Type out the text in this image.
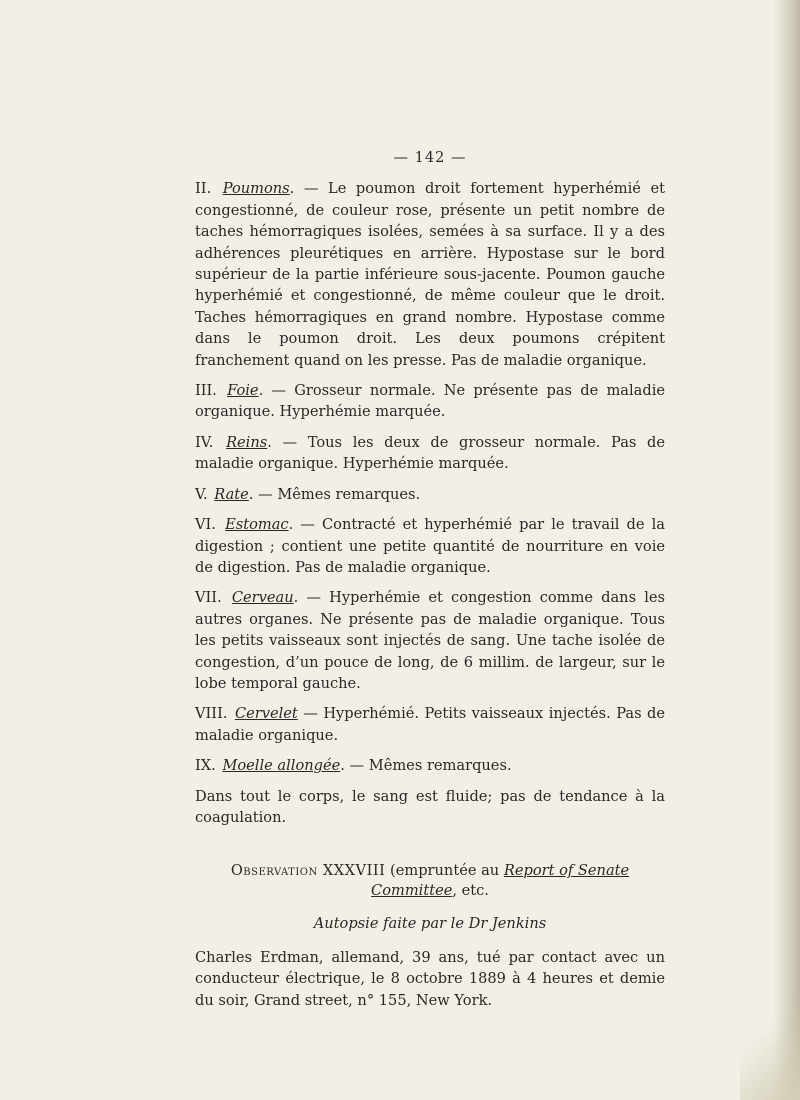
— 142 —

II. Poumons. — Le poumon droit fortement hyperhémié et congestionné, de couleur rose, présente un petit nombre de taches hémorragiques isolées, semées à sa surface. Il y a des adhérences pleurétiques en arrière. Hypostase sur le bord supérieur de la partie inférieure sous-jacente. Poumon gauche hyperhémié et congestionné, de même couleur que le droit. Taches hémorragiques en grand nombre. Hypostase comme dans le poumon droit. Les deux poumons crépitent franchement quand on les presse. Pas de maladie organique.

III. Foie. — Grosseur normale. Ne présente pas de maladie organique. Hyperhémie marquée.

IV. Reins. — Tous les deux de grosseur normale. Pas de maladie organique. Hyperhémie marquée.

V. Rate. — Mêmes remarques.

VI. Estomac. — Contracté et hyperhémié par le travail de la digestion ; contient une petite quantité de nourriture en voie de digestion. Pas de maladie organique.

VII. Cerveau. — Hyperhémie et congestion comme dans les autres organes. Ne présente pas de maladie organique. Tous les petits vaisseaux sont injectés de sang. Une tache isolée de congestion, d’un pouce de long, de 6 millim. de largeur, sur le lobe temporal gauche.

VIII. Cervelet — Hyperhémié. Petits vaisseaux injectés. Pas de maladie organique.

IX. Moelle allongée. — Mêmes remarques.

Dans tout le corps, le sang est fluide; pas de tendance à la coagulation.

Observation XXXVIII (empruntée au Report of Senate
Committee, etc.
Autopsie faite par le Dr Jenkins

Charles Erdman, allemand, 39 ans, tué par contact avec un conducteur électrique, le 8 octobre 1889 à 4 heures et demie du soir, Grand street, n° 155, New York.
